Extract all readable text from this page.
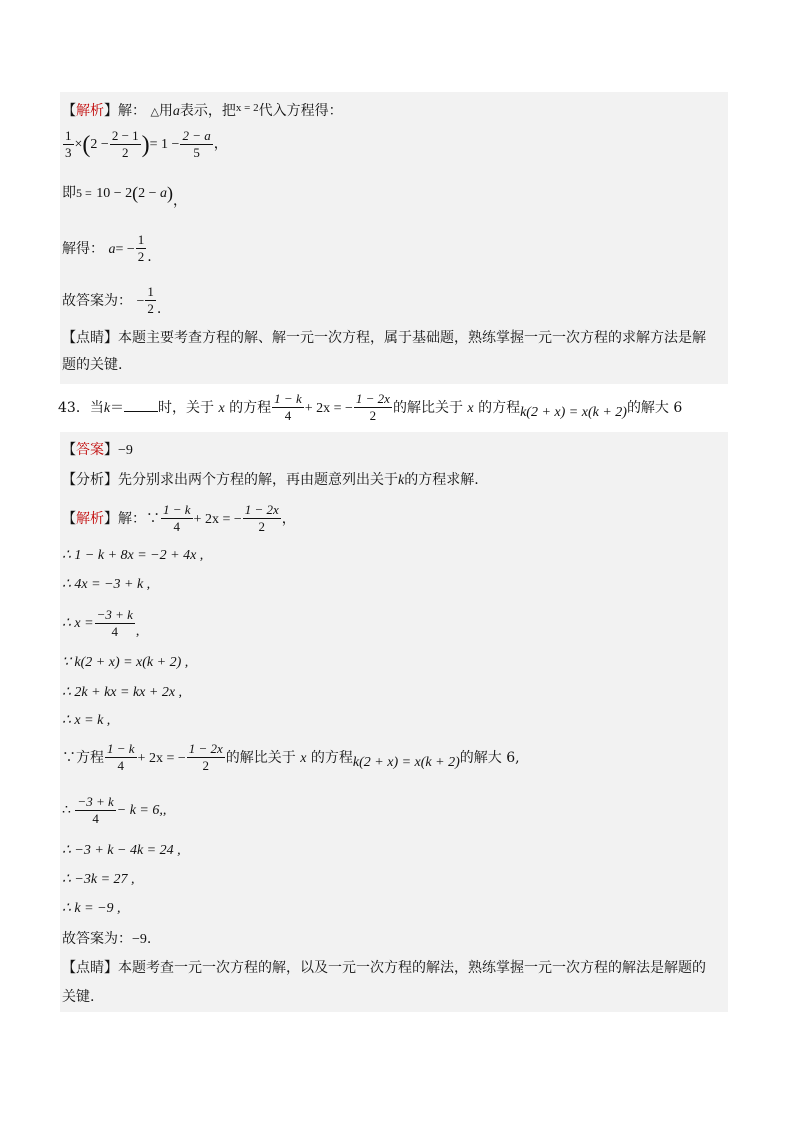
【解析】解： △用a表示，把$^{x = 2}$代入方程得：
$\frac{1}{3} \times(2 - \frac{2 - 1}{2}$ )= $1 - \frac{2 - a}{5}$ ，
即5 = 10 − 2(2 − a)，
解得： $a= - \frac{1}{2}$ .
故答案为： − $\frac{1}{2}$ .
【点睛】本题主要考查方程的解、解一元一次方程，属于基础题，熟练掌握一元一次方程的求解方法是解
题的关键.
43．当k＝ 时，关于 x 的方程 $\frac{1 - k}{4} + 2x$ = − $\frac{1 - 2x}{2}$ 的解比关于 x 的方程k(2 + x) = x(k + 2)的解大 6
【答案】−9
【分析】先分别求出两个方程的解，再由题意列出关于k的方程求解.
【解析】解：∵ $\frac{1 - k}{4} + 2x$ = − $\frac{1 - 2x}{2}$ ，
∴ 1 − k + 8x = −2 + 4x ,
∴ 4x = −3 + k ,
∴ $x = \frac{-3 + k}{4}$ ,
∵ k(2 + x) = x(k + 2) ,
∴ 2k + kx = kx + 2x ,
∴ x = k ,
∵方程 $\frac{1 - k}{4} + 2x$ = − $\frac{1 - 2x}{2}$ 的解比关于 x 的方程k(2 + x) = x(k + 2)的解大 6,
∴ $\frac{-3 + k}{4} - k = 6$,,
∴ −3 + k − 4k = 24 ,
∴ −3k = 27 ,
∴ k = −9 ,
故答案为：−9.
【点睛】本题考查一元一次方程的解，以及一元一次方程的解法，熟练掌握一元一次方程的解法是解题的
关键.
